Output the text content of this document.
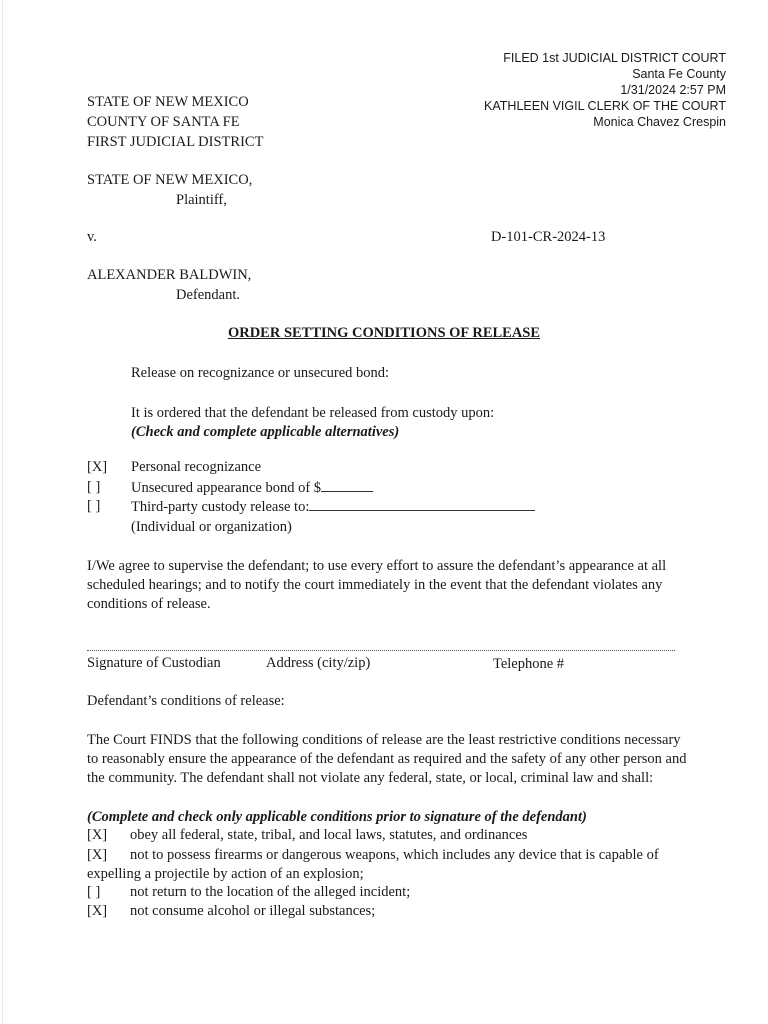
FILED 1st JUDICIAL DISTRICT COURT
Santa Fe County
1/31/2024 2:57 PM
KATHLEEN VIGIL CLERK OF THE COURT
Monica Chavez Crespin
STATE OF NEW MEXICO
COUNTY OF SANTA FE
FIRST JUDICIAL DISTRICT
STATE OF NEW MEXICO,
Plaintiff,
v.	D-101-CR-2024-13
ALEXANDER BALDWIN,
Defendant.
ORDER SETTING CONDITIONS OF RELEASE
Release on recognizance or unsecured bond:
It is ordered that the defendant be released from custody upon:
(Check and complete applicable alternatives)
[X]	Personal recognizance
[ ]	Unsecured appearance bond of $
[ ]	Third-party custody release to:
(Individual or organization)
I/We agree to supervise the defendant; to use every effort to assure the defendant’s appearance at all scheduled hearings; and to notify the court immediately in the event that the defendant violates any conditions of release.
Signature of Custodian	Address (city/zip)	Telephone #
Defendant’s conditions of release:
The Court FINDS that the following conditions of release are the least restrictive conditions necessary to reasonably ensure the appearance of the defendant as required and the safety of any other person and the community. The defendant shall not violate any federal, state, or local, criminal law and shall:
(Complete and check only applicable conditions prior to signature of the defendant)
[X]	obey all federal, state, tribal, and local laws, statutes, and ordinances
[X]	not to possess firearms or dangerous weapons, which includes any device that is capable of expelling a projectile by action of an explosion;
[ ]	not return to the location of the alleged incident;
[X]	not consume alcohol or illegal substances;
